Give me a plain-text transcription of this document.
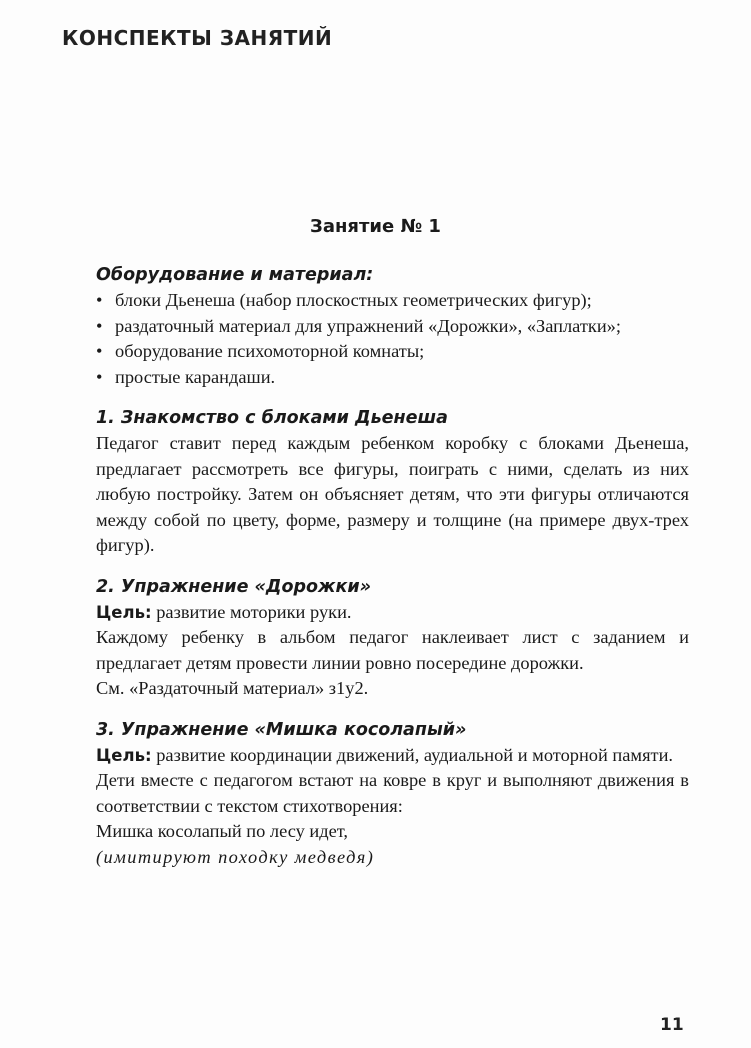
КОНСПЕКТЫ ЗАНЯТИЙ
Занятие № 1
Оборудование и материал:
• блоки Дьенеша (набор плоскостных геометрических фигур);
• раздаточный материал для упражнений «Дорожки», «Заплатки»;
• оборудование психомоторной комнаты;
• простые карандаши.
1. Знакомство с блоками Дьенеша

Педагог ставит перед каждым ребенком коробку с блоками Дьенеша, предлагает рассмотреть все фигуры, поиграть с ними, сделать из них любую постройку. Затем он объясняет детям, что эти фигуры отличаются между собой по цвету, форме, размеру и толщине (на примере двух-трех фигур).

2. Упражнение «Дорожки»

Цель: развитие моторики руки.

Каждому ребенку в альбом педагог наклеивает лист с заданием и предлагает детям провести линии ровно посередине дорожки.

См. «Раздаточный материал» з1у2.

3. Упражнение «Мишка косолапый»

Цель: развитие координации движений, аудиальной и моторной памяти.

Дети вместе с педагогом встают на ковре в круг и выполняют движения в соответствии с текстом стихотворения:

Мишка косолапый по лесу идет,

(имитируют походку медведя)

11
